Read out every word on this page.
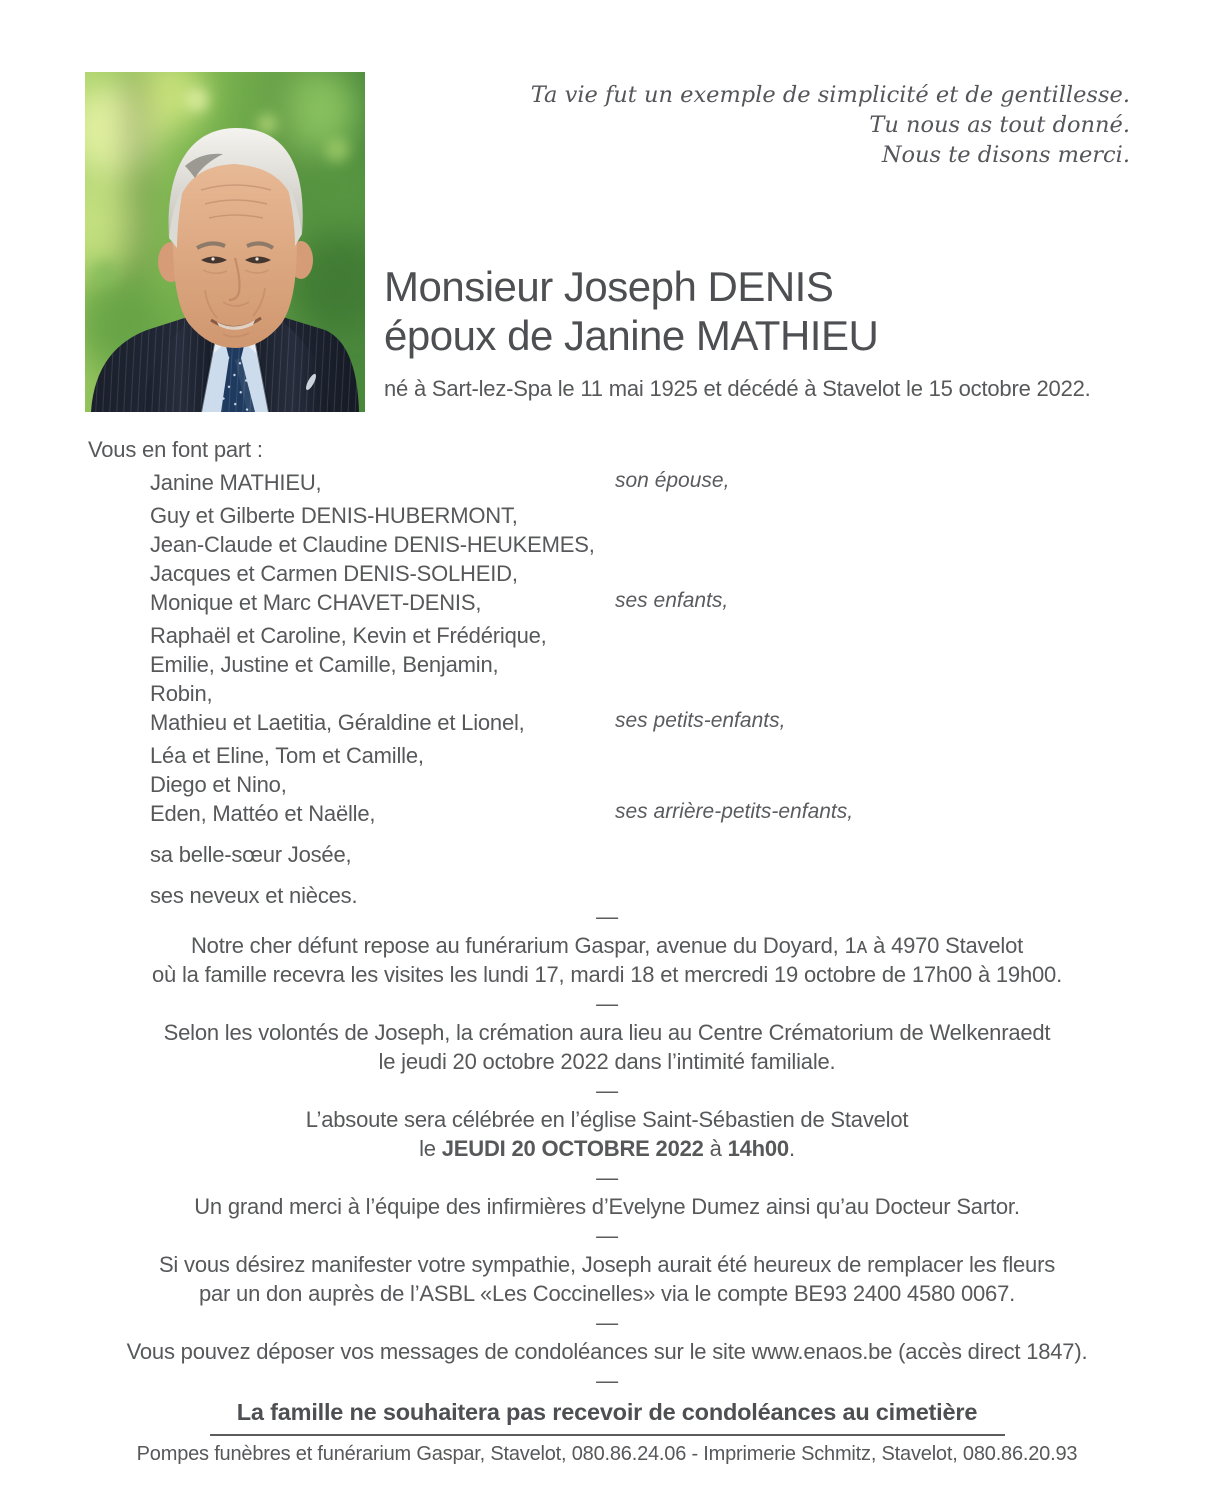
Ta vie fut un exemple de simplicité et de gentillesse.
Tu nous as tout donné.
Nous te disons merci.
Monsieur Joseph DENIS
époux de Janine MATHIEU
né à Sart-lez-Spa le 11 mai 1925 et décédé à Stavelot le 15 octobre 2022.
Vous en font part :
Janine MATHIEU,	son épouse,
Guy et Gilberte DENIS-HUBERMONT,
Jean-Claude et Claudine DENIS-HEUKEMES,
Jacques et Carmen DENIS-SOLHEID,
Monique et Marc CHAVET-DENIS,	ses enfants,
Raphaël et Caroline, Kevin et Frédérique,
Emilie, Justine et Camille, Benjamin,
Robin,
Mathieu et Laetitia, Géraldine et Lionel,	ses petits-enfants,
Léa et Eline, Tom et Camille,
Diego et Nino,
Eden, Mattéo et Naëlle,	ses arrière-petits-enfants,
sa belle-sœur Josée,
ses neveux et nièces.
—
Notre cher défunt repose au funérarium Gaspar, avenue du Doyard, 1ᴀ à 4970 Stavelot
où la famille recevra les visites les lundi 17, mardi 18 et mercredi 19 octobre de 17h00 à 19h00.
—
Selon les volontés de Joseph, la crémation aura lieu au Centre Crématorium de Welkenraedt
le jeudi 20 octobre 2022 dans l’intimité familiale.
—
L’absoute sera célébrée en l’église Saint-Sébastien de Stavelot
le JEUDI 20 OCTOBRE 2022 à 14h00.
—
Un grand merci à l’équipe des infirmières d’Evelyne Dumez ainsi qu’au Docteur Sartor.
—
Si vous désirez manifester votre sympathie, Joseph aurait été heureux de remplacer les fleurs
par un don auprès de l’ASBL «Les Coccinelles» via le compte BE93 2400 4580 0067.
—
Vous pouvez déposer vos messages de condoléances sur le site www.enaos.be (accès direct 1847).
—
La famille ne souhaitera pas recevoir de condoléances au cimetière
Pompes funèbres et funérarium Gaspar, Stavelot, 080.86.24.06 - Imprimerie Schmitz, Stavelot, 080.86.20.93
